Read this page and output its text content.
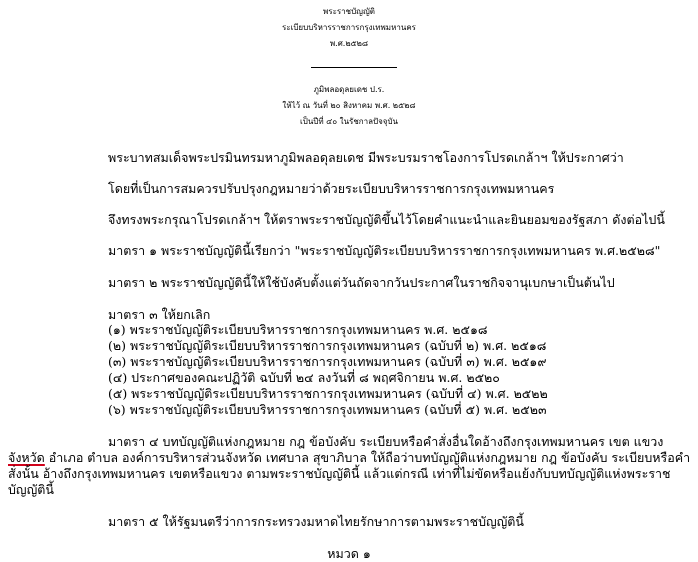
พระราชบัญญัติ
ระเบียบบริหารราชการกรุงเทพมหานคร
พ.ศ.๒๕๒๘
ภูมิพลอดุลยเดช ป.ร.
ให้ไว้ ณ วันที่ ๒๐ สิงหาคม พ.ศ. ๒๕๒๘
เป็นปีที่ ๔๐ ในรัชกาลปัจจุบัน
พระบาทสมเด็จพระปรมินทรมหาภูมิพลอดุลยเดช มีพระบรมราชโองการโปรดเกล้าฯ ให้ประกาศว่า
โดยที่เป็นการสมควรปรับปรุงกฎหมายว่าด้วยระเบียบบริหารราชการกรุงเทพมหานคร
จึงทรงพระกรุณาโปรดเกล้าฯ ให้ตราพระราชบัญญัติขึ้นไว้โดยคำแนะนำและยินยอมของรัฐสภา ดังต่อไปนี้
มาตรา ๑ พระราชบัญญัตินี้เรียกว่า "พระราชบัญญัติระเบียบบริหารราชการกรุงเทพมหานคร พ.ศ.๒๕๒๘"
มาตรา ๒ พระราชบัญญัตินี้ให้ใช้บังคับตั้งแต่วันถัดจากวันประกาศในราชกิจจานุเบกษาเป็นต้นไป
มาตรา ๓ ให้ยกเลิก
(๑) พระราชบัญญัติระเบียบบริหารราชการกรุงเทพมหานคร พ.ศ. ๒๕๑๘
(๒) พระราชบัญญัติระเบียบบริหารราชการกรุงเทพมหานคร (ฉบับที่ ๒) พ.ศ. ๒๕๑๘
(๓) พระราชบัญญัติระเบียบบริหารราชการกรุงเทพมหานคร (ฉบับที่ ๓) พ.ศ. ๒๕๑๙
(๔) ประกาศของคณะปฏิวัติ ฉบับที่ ๒๔ ลงวันที่ ๘ พฤศจิกายน พ.ศ. ๒๕๒๐
(๕) พระราชบัญญัติระเบียบบริหารราชการกรุงเทพมหานคร (ฉบับที่ ๔) พ.ศ. ๒๕๒๒
(๖) พระราชบัญญัติระเบียบบริหารราชการกรุงเทพมหานคร (ฉบับที่ ๕) พ.ศ. ๒๕๒๓
มาตรา ๔ บทบัญญัติแห่งกฎหมาย กฎ ข้อบังคับ ระเบียบหรือคำสั่งอื่นใดอ้างถึงกรุงเทพมหานคร เขต แขวง
จังหวัด อำเภอ ตำบล องค์การบริหารส่วนจังหวัด เทศบาล สุขาภิบาล ให้ถือว่าบทบัญญัติแห่งกฎหมาย กฎ ข้อบังคับ ระเบียบหรือคำ
สั่งนั้น อ้างถึงกรุงเทพมหานคร เขตหรือแขวง ตามพระราชบัญญัตินี้ แล้วแต่กรณี เท่าที่ไม่ขัดหรือแย้งกับบทบัญญัติแห่งพระราช
บัญญัตินี้
มาตรา ๕ ให้รัฐมนตรีว่าการกระทรวงมหาดไทยรักษาการตามพระราชบัญญัตินี้
หมวด ๑
